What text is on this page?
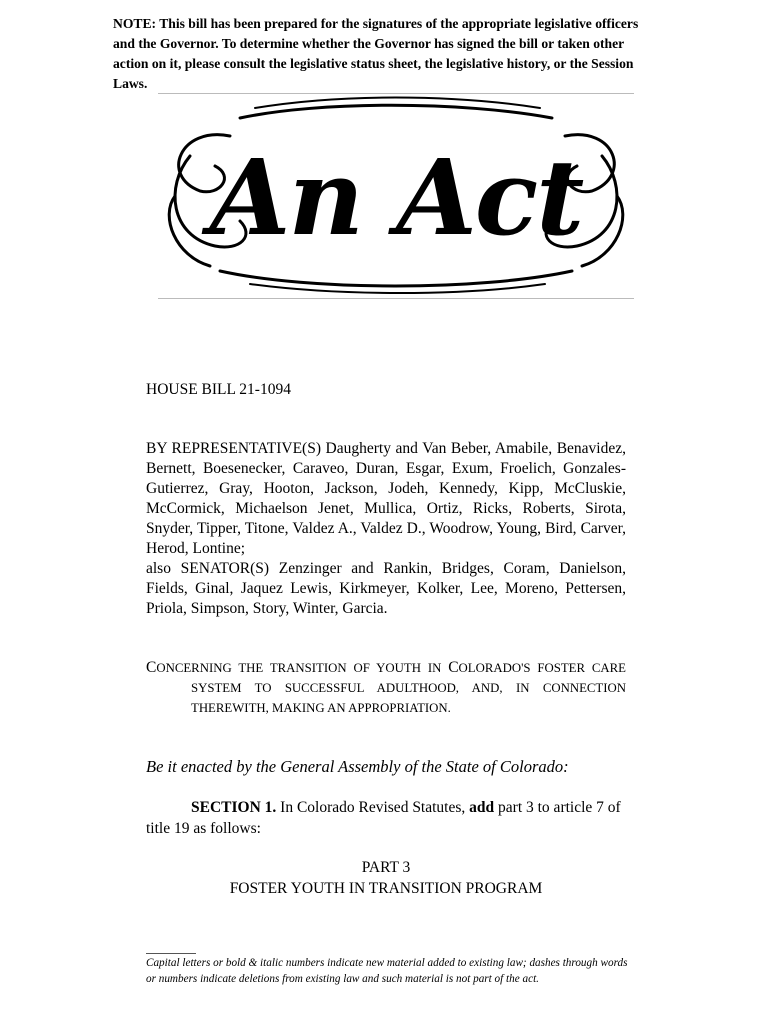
NOTE: This bill has been prepared for the signatures of the appropriate legislative officers and the Governor. To determine whether the Governor has signed the bill or taken other action on it, please consult the legislative status sheet, the legislative history, or the Session Laws.
An Act
HOUSE BILL 21-1094

BY REPRESENTATIVE(S) Daugherty and Van Beber, Amabile, Benavidez, Bernett, Boesenecker, Caraveo, Duran, Esgar, Exum, Froelich, Gonzales-Gutierrez, Gray, Hooton, Jackson, Jodeh, Kennedy, Kipp, McCluskie, McCormick, Michaelson Jenet, Mullica, Ortiz, Ricks, Roberts, Sirota, Snyder, Tipper, Titone, Valdez A., Valdez D., Woodrow, Young, Bird, Carver, Herod, Lontine;

also SENATOR(S) Zenzinger and Rankin, Bridges, Coram, Danielson, Fields, Ginal, Jaquez Lewis, Kirkmeyer, Kolker, Lee, Moreno, Pettersen, Priola, Simpson, Story, Winter, Garcia.

CONCERNING THE TRANSITION OF YOUTH IN COLORADO'S FOSTER CARE
SYSTEM TO SUCCESSFUL ADULTHOOD, AND, IN CONNECTION
THEREWITH, MAKING AN APPROPRIATION.
Be it enacted by the General Assembly of the State of Colorado:
SECTION 1. In Colorado Revised Statutes, add part 3 to article 7 of title 19 as follows:
PART 3
FOSTER YOUTH IN TRANSITION PROGRAM
Capital letters or bold & italic numbers indicate new material added to existing law; dashes through words or numbers indicate deletions from existing law and such material is not part of the act.
